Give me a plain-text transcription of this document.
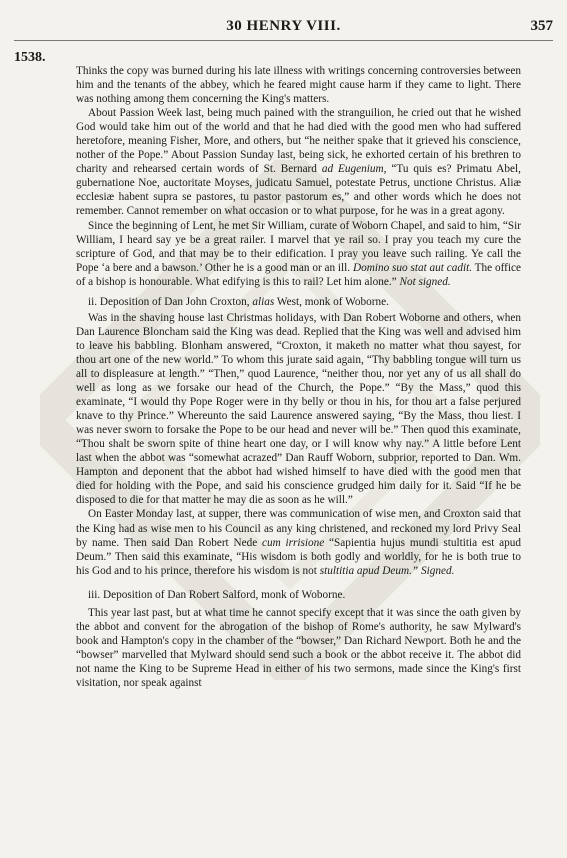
30 HENRY VIII.	357
1538.

Thinks the copy was burned during his late illness with writings concerning controversies between him and the tenants of the abbey, which he feared might cause harm if they came to light. There was nothing among them concerning the King's matters.

About Passion Week last, being much pained with the stranguilion, he cried out that he wished God would take him out of the world and that he had died with the good men who had suffered heretofore, meaning Fisher, More, and others, but “he neither spake that it grieved his conscience, nother of the Pope.” About Passion Sunday last, being sick, he exhorted certain of his brethren to charity and rehearsed certain words of St. Bernard ad Eugenium, “Tu quis es? Primatu Abel, gubernatione Noe, auctoritate Moyses, judicatu Samuel, potestate Petrus, unctione Christus. Aliæ ecclesiæ habent supra se pastores, tu pastor pastorum es,” and other words which he does not remember. Cannot remember on what occasion or to what purpose, for he was in a great agony.

Since the beginning of Lent, he met Sir William, curate of Woborn Chapel, and said to him, “Sir William, I heard say ye be a great railer. I marvel that ye rail so. I pray you teach my cure the scripture of God, and that may be to their edification. I pray you leave such railing. Ye call the Pope ‘a bere and a bawson.’ Other he is a good man or an ill. Domino suo stat aut cadit. The office of a bishop is honourable. What edifying is this to rail? Let him alone.” Not signed.

ii. Deposition of Dan John Croxton, alias West, monk of Woborne.

Was in the shaving house last Christmas holidays, with Dan Robert Woborne and others, when Dan Laurence Bloncham said the King was dead. Replied that the King was well and advised him to leave his babbling. Blonham answered, “Croxton, it maketh no matter what thou sayest, for thou art one of the new world.” To whom this jurate said again, “Thy babbling tongue will turn us all to displeasure at length.” “Then,” quod Laurence, “neither thou, nor yet any of us all shall do well as long as we forsake our head of the Church, the Pope.” “By the Mass,” quod this examinate, “I would thy Pope Roger were in thy belly or thou in his, for thou art a false perjured knave to thy Prince.” Whereunto the said Laurence answered saying, “By the Mass, thou liest. I was never sworn to forsake the Pope to be our head and never will be.” Then quod this examinate, “Thou shalt be sworn spite of thine heart one day, or I will know why nay.” A little before Lent last when the abbot was “somewhat acrazed” Dan Rauff Woborn, subprior, reported to Dan. Wm. Hampton and deponent that the abbot had wished himself to have died with the good men that died for holding with the Pope, and said his conscience grudged him daily for it. Said “If he be disposed to die for that matter he may die as soon as he will.”

On Easter Monday last, at supper, there was communication of wise men, and Croxton said that the King had as wise men to his Council as any king christened, and reckoned my lord Privy Seal by name. Then said Dan Robert Nede cum irrisione “Sapientia hujus mundi stultitia est apud Deum.” Then said this examinate, “His wisdom is both godly and worldly, for he is both true to his God and to his prince, therefore his wisdom is not stultitia apud Deum.” Signed.

iii. Deposition of Dan Robert Salford, monk of Woborne.

This year last past, but at what time he cannot specify except that it was since the oath given by the abbot and convent for the abrogation of the bishop of Rome's authority, he saw Mylward's book and Hampton's copy in the chamber of the “bowser,” Dan Richard Newport. Both he and the “bowser” marvelled that Mylward should send such a book or the abbot receive it. The abbot did not name the King to be Supreme Head in either of his two sermons, made since the King's first visitation, nor speak against
